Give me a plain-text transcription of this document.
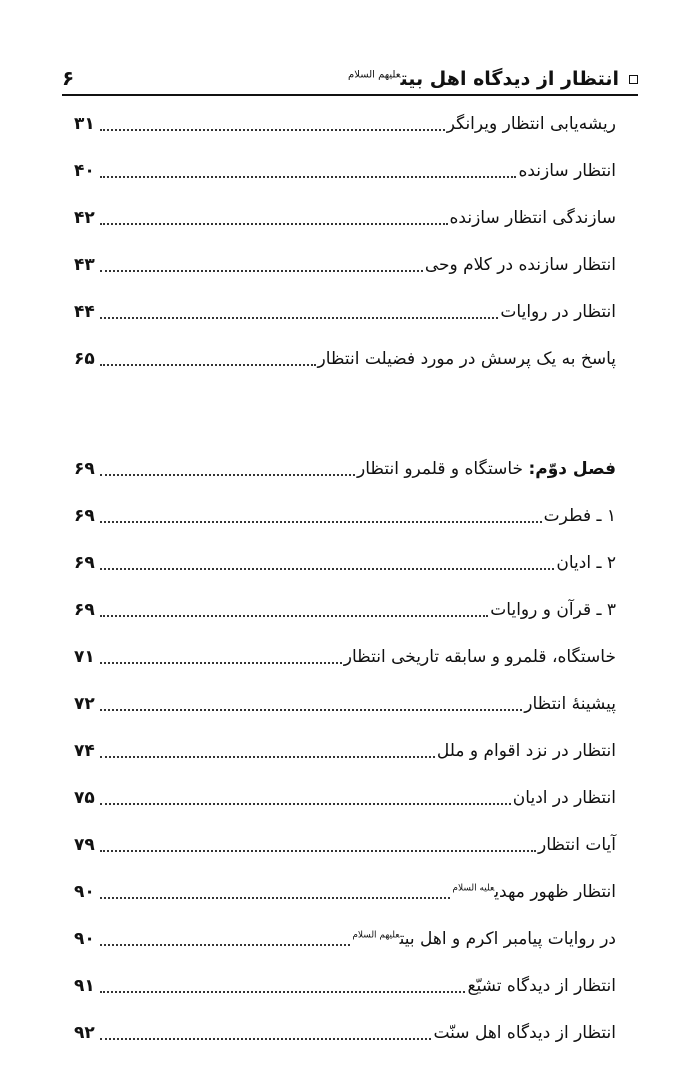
۶	انتظار از دیدگاه اهل بیت$^{علیهم السلام}$
ریشه‌یابی انتظار ویرانگر
۳۱
انتظار سازنده
۴۰
سازندگی انتظار سازنده
۴۲
انتظار سازنده در کلام وحی
۴۳
انتظار در روایات
۴۴
پاسخ به یک پرسش در مورد فضیلت انتظار
۶۵
فصل دوّم: خاستگاه و قلمرو انتظار
۶۹
۱ ـ فطرت
۶۹
۲ ـ ادیان
۶۹
۳ ـ قرآن و روایات
۶۹
خاستگاه، قلمرو و سابقه تاریخی انتظار
۷۱
پیشینهٔ انتظار
۷۲
انتظار در نزد اقوام و ملل
۷۴
انتظار در ادیان
۷۵
آیات انتظار
۷۹
انتظار ظهور مهدی$^{علیه السلام}$
۹۰
در روایات پیامبر اکرم و اهل بیت$^{علیهم السلام}$
۹۰
انتظار از دیدگاه تشیّع
۹۱
انتظار از دیدگاه اهل سنّت
۹۲
